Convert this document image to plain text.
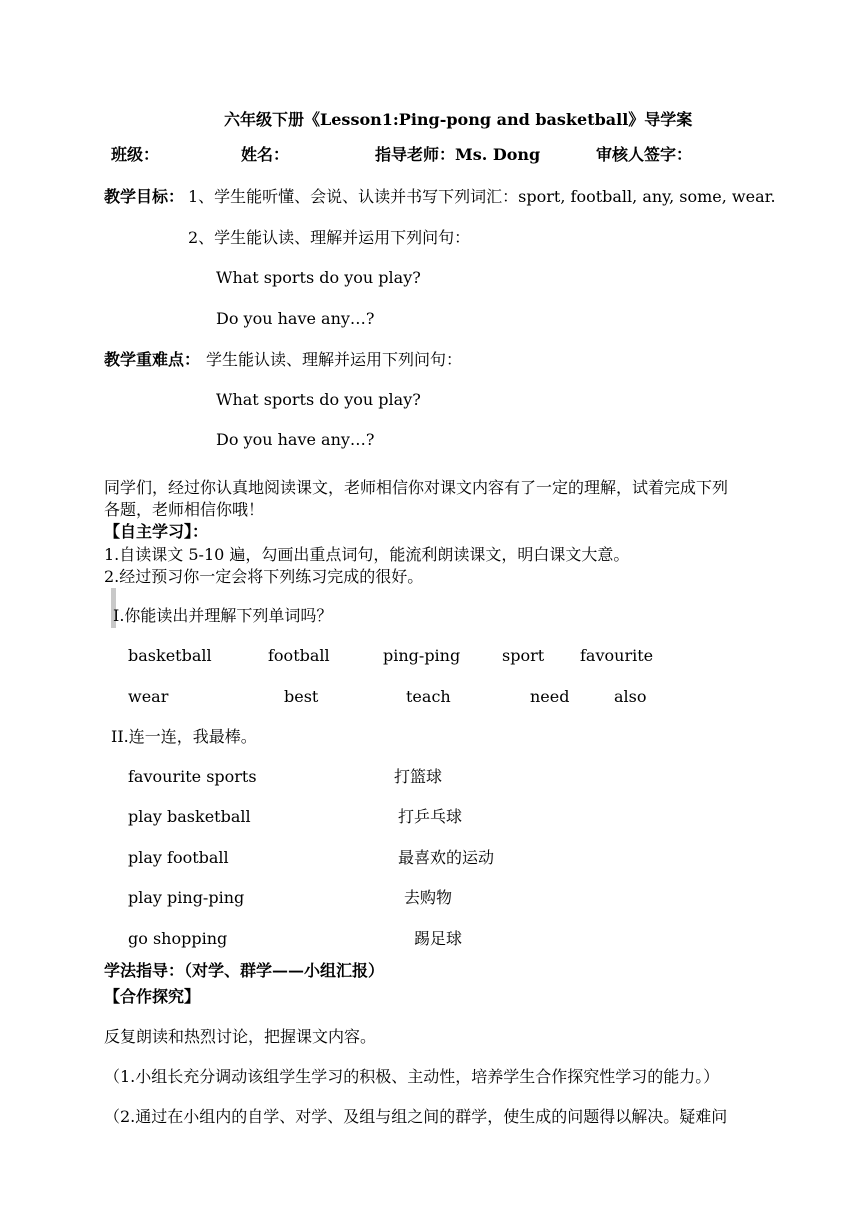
六年级下册《Lesson1:Ping-pong and basketball》导学案
班级：	姓名：	指导老师：Ms. Dong	审核人签字：
教学目标： 1、学生能听懂、会说、认读并书写下列词汇：sport, football, any, some, wear.
2、学生能认读、理解并运用下列问句：
What sports do you play?
Do you have any…?
教学重难点： 学生能认读、理解并运用下列问句：
What sports do you play?
Do you have any…?
同学们，经过你认真地阅读课文，老师相信你对课文内容有了一定的理解，试着完成下列
各题，老师相信你哦！
【自主学习】：
1.自读课文 5-10 遍，勾画出重点词句，能流利朗读课文，明白课文大意。
2.经过预习你一定会将下列练习完成的很好。
I.你能读出并理解下列单词吗？
basketball	football	ping-ping	sport favourite
wear	best	teach	need	also
II.连一连，我最棒。
favourite sports	打篮球
play basketball	打乒乓球
play football	最喜欢的运动
play ping-ping	去购物
go shopping	踢足球
学法指导：（对学、群学——小组汇报）
【合作探究】
反复朗读和热烈讨论，把握课文内容。
（1.小组长充分调动该组学生学习的积极、主动性，培养学生合作探究性学习的能力。）
（2.通过在小组内的自学、对学、及组与组之间的群学，使生成的问题得以解决。疑难问
